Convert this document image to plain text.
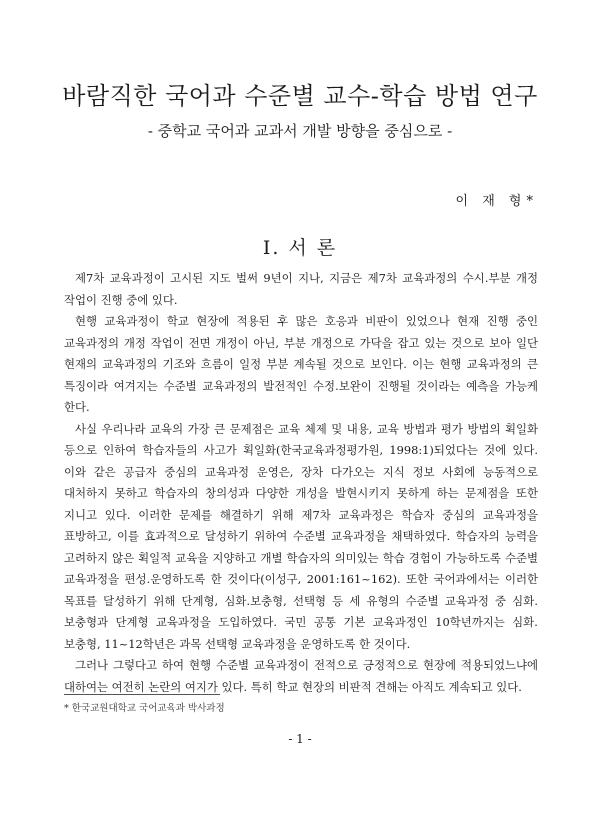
바람직한 국어과 수준별 교수-학습 방법 연구
- 중학교 국어과 교과서 개발 방향을 중심으로 -
이 재 형*
Ⅰ. 서 론

제7차 교육과정이 고시된 지도 벌써 9년이 지나, 지금은 제7차 교육과정의 수시․부분 개정 작업이 진행 중에 있다.

현행 교육과정이 학교 현장에 적용된 후 많은 호응과 비판이 있었으나 현재 진행 중인 교육과정의 개정 작업이 전면 개정이 아닌, 부분 개정으로 가닥을 잡고 있는 것으로 보아 일단 현재의 교육과정의 기조와 흐름이 일정 부분 계속될 것으로 보인다. 이는 현행 교육과정의 큰 특징이라 여겨지는 수준별 교육과정의 발전적인 수정․보완이 진행될 것이라는 예측을 가능케 한다.

사실 우리나라 교육의 가장 큰 문제점은 교육 체제 및 내용, 교육 방법과 평가 방법의 획일화 등으로 인하여 학습자들의 사고가 획일화(한국교육과정평가원, 1998:1)되었다는 것에 있다. 이와 같은 공급자 중심의 교육과정 운영은, 장차 다가오는 지식 정보 사회에 능동적으로 대처하지 못하고 학습자의 창의성과 다양한 개성을 발현시키지 못하게 하는 문제점을 또한 지니고 있다. 이러한 문제를 해결하기 위해 제7차 교육과정은 학습자 중심의 교육과정을 표방하고, 이를 효과적으로 달성하기 위하여 수준별 교육과정을 채택하였다. 학습자의 능력을 고려하지 않은 획일적 교육을 지양하고 개별 학습자의 의미있는 학습 경험이 가능하도록 수준별 교육과정을 편성․운영하도록 한 것이다(이성구, 2001:161~162). 또한 국어과에서는 이러한 목표를 달성하기 위해 단계형, 심화․보충형, 선택형 등 세 유형의 수준별 교육과정 중 심화․보충형과 단계형 교육과정을 도입하였다. 국민 공통 기본 교육과정인 10학년까지는 심화․보충형, 11~12학년은 과목 선택형 교육과정을 운영하도록 한 것이다.

그러나 그렇다고 하여 현행 수준별 교육과정이 전적으로 긍정적으로 현장에 적용되었느냐에 대하여는 여전히 논란의 여지가 있다. 특히 학교 현장의 비판적 견해는 아직도 계속되고 있다.

* 한국교원대학교 국어교육과 박사과정
- 1 -
